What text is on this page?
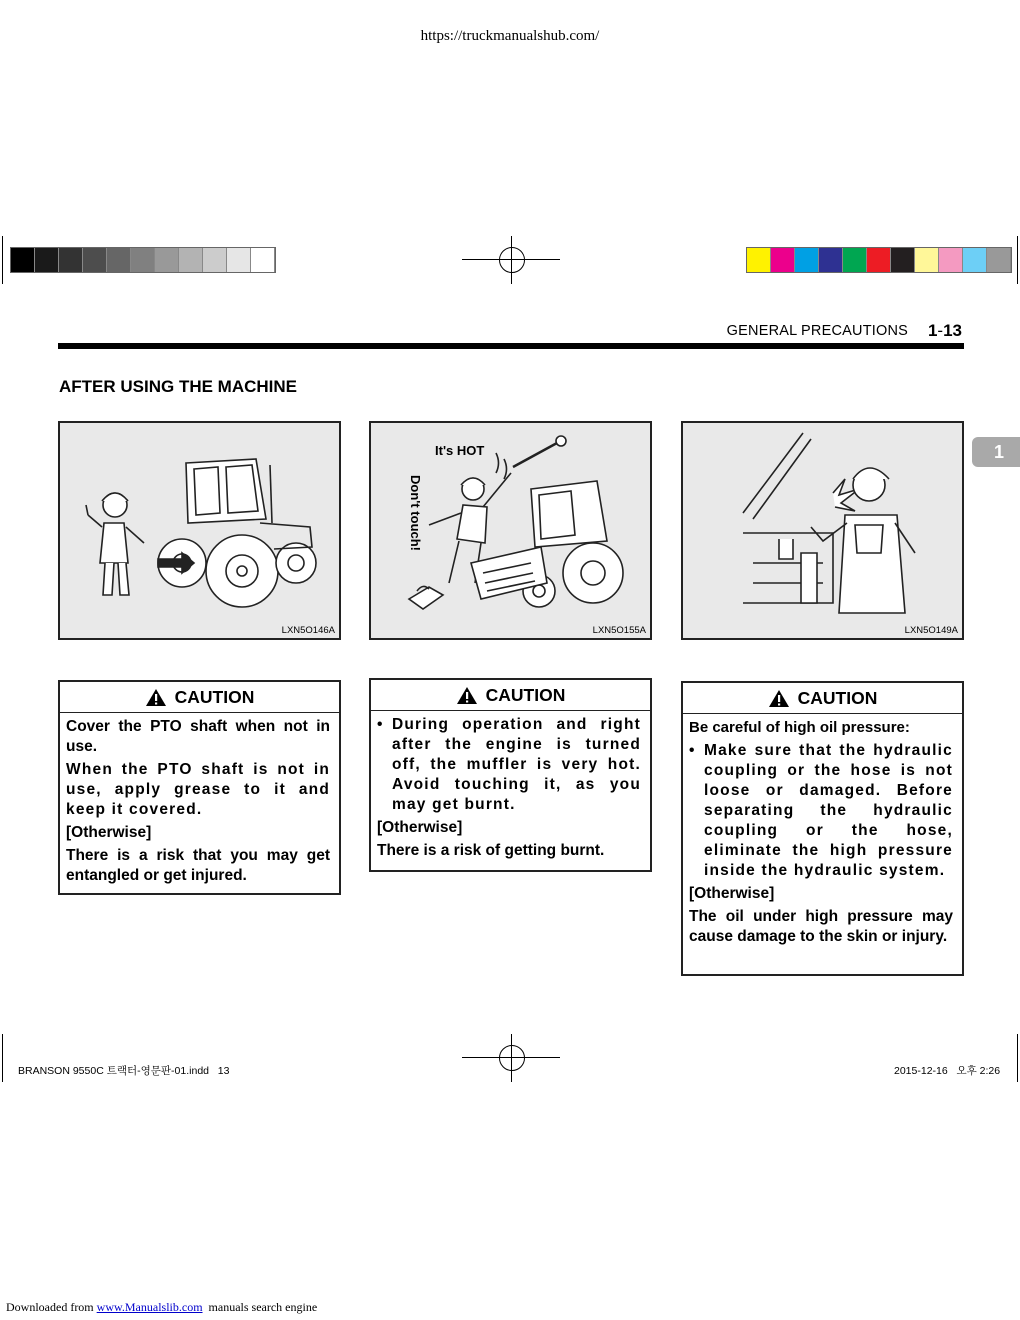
https://truckmanualshub.com/
GENERAL PRECAUTIONS 1-13
1
AFTER USING THE MACHINE
LXN5O146A
It's HOT
Don't touch!
LXN5O155A	LXN5O149A
CAUTION

Cover the PTO shaft when not in use.

When the PTO shaft is not in use, apply grease to it and keep it covered.

[Otherwise]

There is a risk that you may get entangled or get injured.

CAUTION
• During operation and right after the engine is turned off, the muffler is very hot. Avoid touching it, as you may get burnt.

[Otherwise]

There is a risk of getting burnt.

CAUTION

Be careful of high oil pressure:

• Make sure that the hydraulic coupling or the hose is not loose or damaged. Before separating the hydraulic coupling or the hose, eliminate the high pressure inside the hydraulic system.

[Otherwise]

The oil under high pressure may cause damage to the skin or injury.

BRANSON 9550C 트랙터-영문판-01.indd   13	2015-12-16   오후 2:26
Downloaded from www.Manualslib.com  manuals search engine
